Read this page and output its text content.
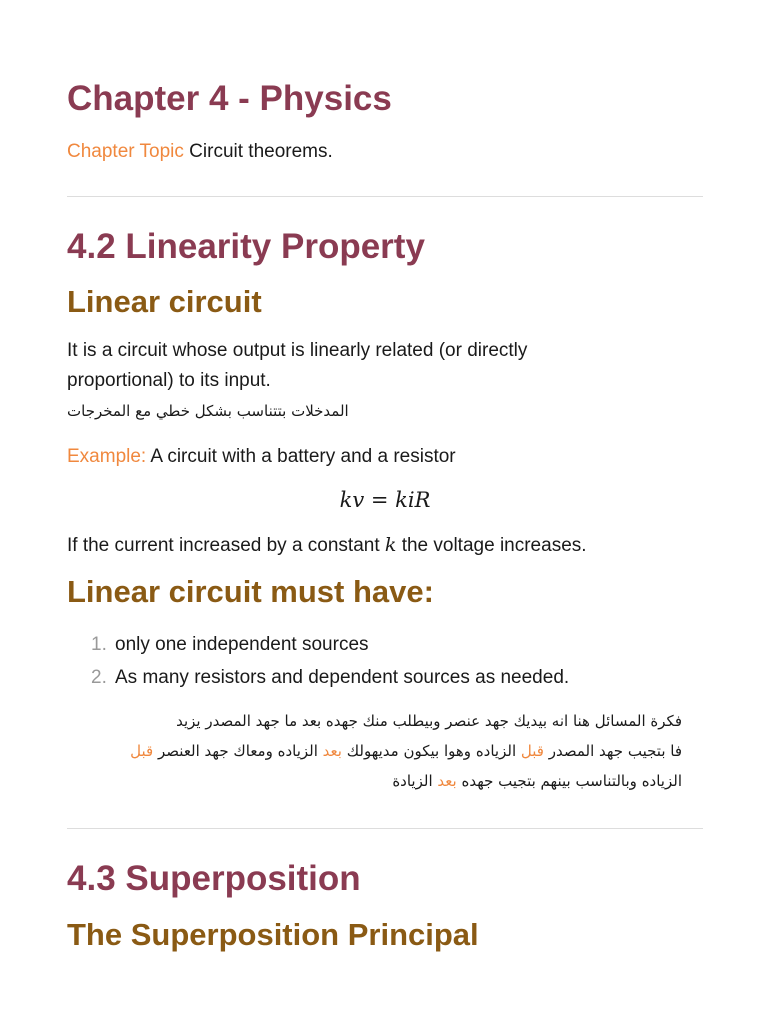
Chapter 4 - Physics

Chapter Topic Circuit theorems.

4.2 Linearity Property
Linear circuit

It is a circuit whose output is linearly related (or directly
proportional) to its input.

المدخلات بتتناسب بشكل خطي مع المخرجات

Example: A circuit with a battery and a resistor

kv = kiR

If the current increased by a constant k the voltage increases.

Linear circuit must have:
1. only one independent sources
2. As many resistors and dependent sources as needed.

فكرة المسائل هنا انه بيديك جهد عنصر وبيطلب منك جهده بعد ما جهد المصدر يزيد
فا بتجيب جهد المصدر قبل الزياده وهوا بيكون مديهولك بعد الزياده ومعاك جهد العنصر قبل
الزياده وبالتناسب بينهم بتجيب جهده بعد الزيادة

4.3 Superposition
The Superposition Principal
